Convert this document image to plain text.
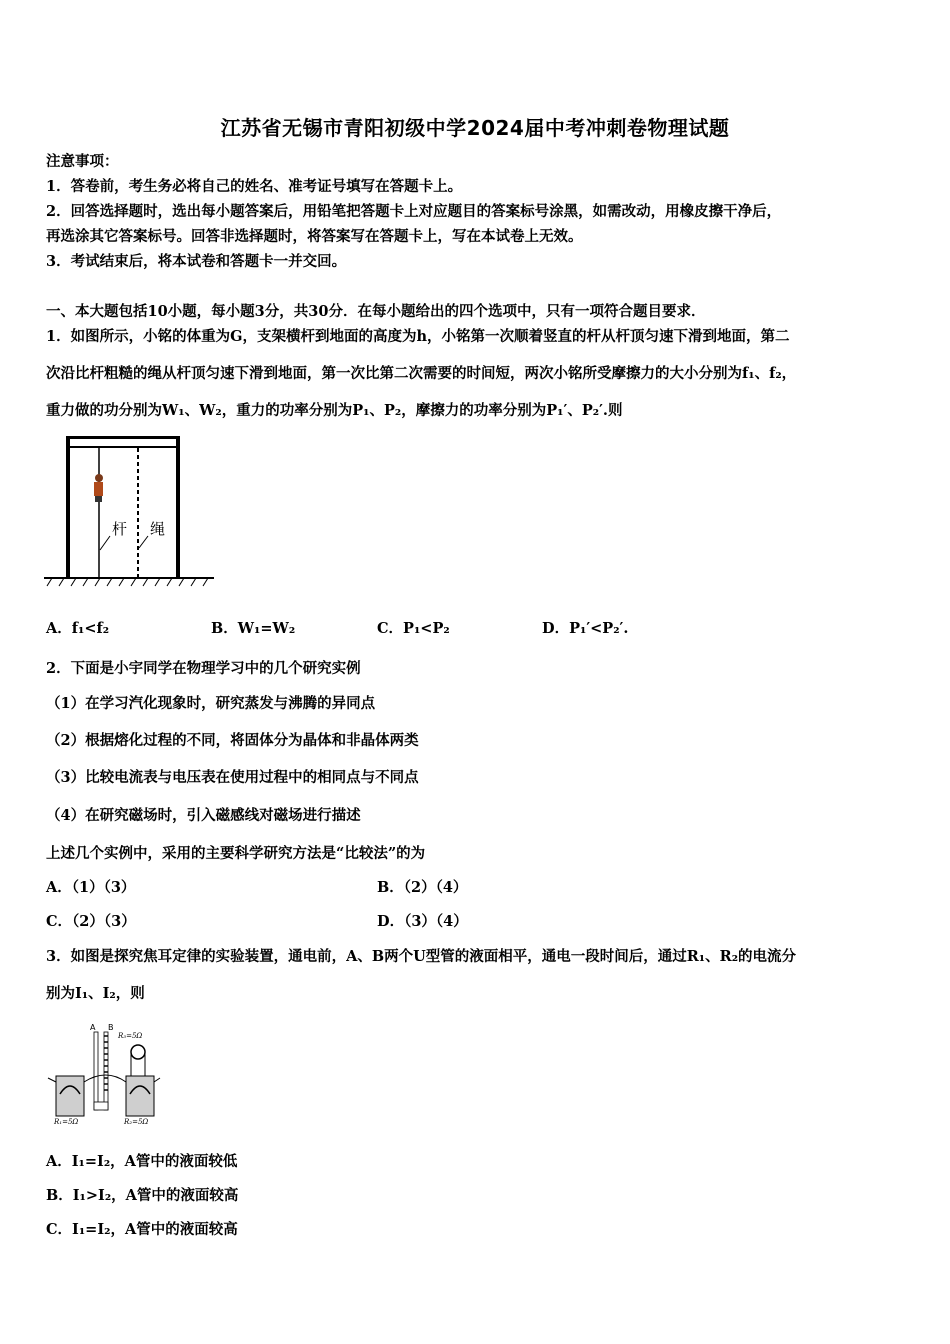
江苏省无锡市青阳初级中学2024届中考冲刺卷物理试题
注意事项：
1．答卷前，考生务必将自己的姓名、准考证号填写在答题卡上。
2．回答选择题时，选出每小题答案后，用铅笔把答题卡上对应题目的答案标号涂黑，如需改动，用橡皮擦干净后，
再选涂其它答案标号。回答非选择题时，将答案写在答题卡上，写在本试卷上无效。
3．考试结束后，将本试卷和答题卡一并交回。
一、本大题包括10小题，每小题3分，共30分．在每小题给出的四个选项中，只有一项符合题目要求．
1．如图所示，小铭的体重为G，支架横杆到地面的高度为h，小铭第一次顺着竖直的杆从杆顶匀速下滑到地面，第二
次沿比杆粗糙的绳从杆顶匀速下滑到地面，第一次比第二次需要的时间短，两次小铭所受摩擦力的大小分别为f₁、f₂，
重力做的功分别为W₁、W₂，重力的功率分别为P₁、P₂，摩擦力的功率分别为P₁′、P₂′.则
杆 绳
A．f₁<f₂	B．W₁=W₂	C．P₁<P₂	D．P₁′<P₂′.
2．下面是小宇同学在物理学习中的几个研究实例
（1）在学习汽化现象时，研究蒸发与沸腾的异同点
（2）根据熔化过程的不同，将固体分为晶体和非晶体两类
（3）比较电流表与电压表在使用过程中的相同点与不同点
（4）在研究磁场时，引入磁感线对磁场进行描述
上述几个实例中，采用的主要科学研究方法是“比较法”的为
A．（1）（3）	B．（2）（4）
C．（2）（3）	D．（3）（4）
3．如图是探究焦耳定律的实验装置，通电前，A、B两个U型管的液面相平，通电一段时间后，通过R₁、R₂的电流分
别为I₁、I₂，则
A B
R₃=5Ω
R₁=5Ω	R₂=5Ω
A．I₁=I₂，A管中的液面较低
B．I₁>I₂，A管中的液面较高
C．I₁=I₂，A管中的液面较高
